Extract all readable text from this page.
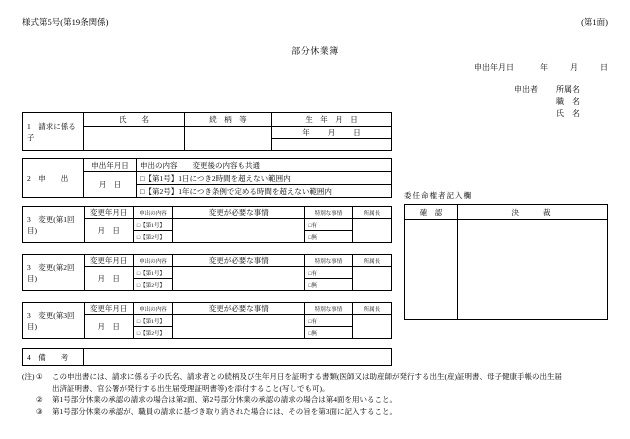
様式第5号(第19条関係)	(第1面)
部分休業簿
申出年月日	年	月	日
申出者 所属名
職　名
氏　名
1　請求に係る子	氏　　名	続　柄　等	生　年　月　日
			年 月 日

2　申　　出	申出年月日	申出の内容　　変更後の内容も共通
	月　日	□【第1号】1日につき2時間を超えない範囲内
		□【第2号】1年につき条例で定める時間を超えない範囲内
3　変更(第1回目)	変更年月日	申出の内容	変更が必要な事情	特別な事情	所属長
	月　日	□【第1号】		□有	
		□【第2号】		□無	
3　変更(第2回目)	変更年月日	申出の内容	変更が必要な事情	特別な事情	所属長
	月　日	□【第1号】		□有	
		□【第2号】		□無	
3　変更(第3回目)	変更年月日	申出の内容	変更が必要な事情	特別な事情	所属長
	月　日	□【第1号】		□有	
		□【第2号】		□無	
4　備　　考	
委任命権者記入欄
確　認	決　　裁

(注) ① この申出書には、請求に係る子の氏名、請求者との続柄及び生年月日を証明する書類(医師又は助産師が発行する出生(産)証明書、母子健康手帳の出生届
出済証明書、官公署が発行する出生届受理証明書等)を添付すること(写しでも可)。
② 第1号部分休業の承認の請求の場合は第2面、第2号部分休業の承認の請求の場合は第4面を用いること。
③ 第1号部分休業の承認が、職員の請求に基づき取り消された場合には、その旨を第3面に記入すること。
